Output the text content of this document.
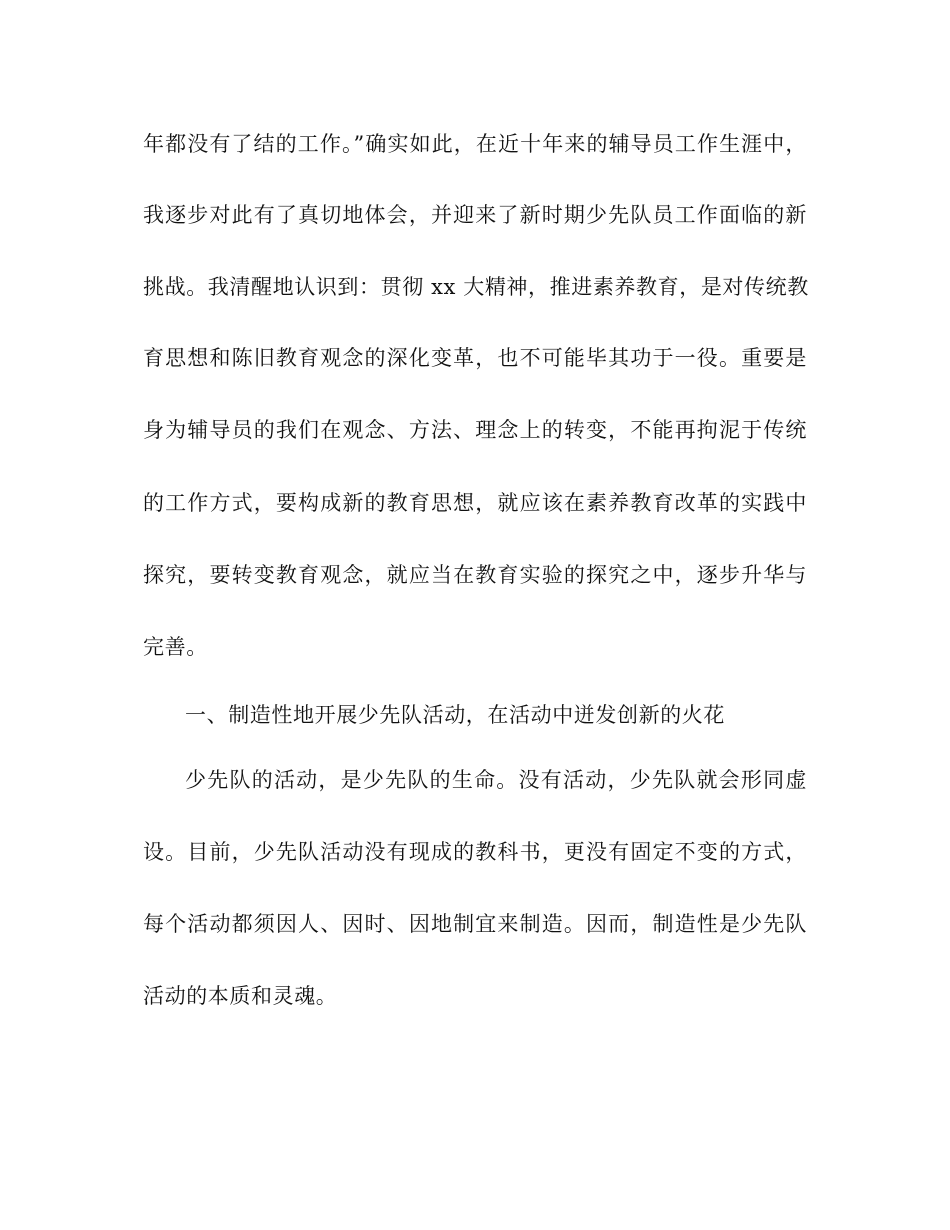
年都没有了结的工作。”确实如此，在近十年来的辅导员工作生涯中，
我逐步对此有了真切地体会，并迎来了新时期少先队员工作面临的新
挑战。我清醒地认识到：贯彻 xx 大精神，推进素养教育，是对传统教
育思想和陈旧教育观念的深化变革，也不可能毕其功于一役。重要是
身为辅导员的我们在观念、方法、理念上的转变，不能再拘泥于传统
的工作方式，要构成新的教育思想，就应该在素养教育改革的实践中
探究，要转变教育观念，就应当在教育实验的探究之中，逐步升华与
完善。
一、制造性地开展少先队活动，在活动中迸发创新的火花
少先队的活动，是少先队的生命。没有活动，少先队就会形同虚
设。目前，少先队活动没有现成的教科书，更没有固定不变的方式，
每个活动都须因人、因时、因地制宜来制造。因而，制造性是少先队
活动的本质和灵魂。
